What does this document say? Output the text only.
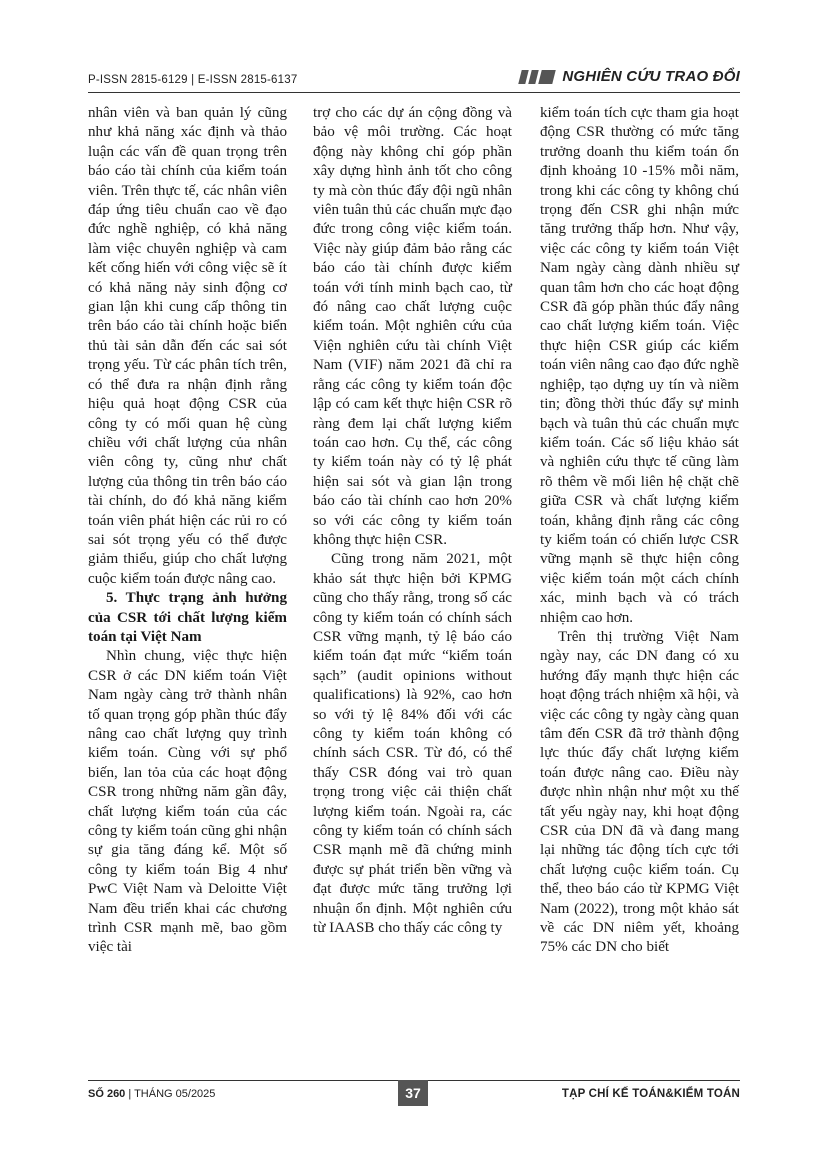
P-ISSN 2815-6129 | E-ISSN 2815-6137	NGHIÊN CỨU TRAO ĐỔI

nhân viên và ban quản lý cũng như khả năng xác định và thảo luận các vấn đề quan trọng trên báo cáo tài chính của kiểm toán viên. Trên thực tế, các nhân viên đáp ứng tiêu chuẩn cao về đạo đức nghề nghiệp, có khả năng làm việc chuyên nghiệp và cam kết cống hiến với công việc sẽ ít có khả năng nảy sinh động cơ gian lận khi cung cấp thông tin trên báo cáo tài chính hoặc biển thủ tài sản dẫn đến các sai sót trọng yếu. Từ các phân tích trên, có thể đưa ra nhận định rằng hiệu quả hoạt động CSR của công ty có mối quan hệ cùng chiều với chất lượng của nhân viên công ty, cũng như chất lượng của thông tin trên báo cáo tài chính, do đó khả năng kiểm toán viên phát hiện các rủi ro có sai sót trọng yếu có thể được giảm thiểu, giúp cho chất lượng cuộc kiểm toán được nâng cao.

5. Thực trạng ảnh hưởng của CSR tới chất lượng kiểm toán tại Việt Nam

Nhìn chung, việc thực hiện CSR ở các DN kiểm toán Việt Nam ngày càng trở thành nhân tố quan trọng góp phần thúc đẩy nâng cao chất lượng quy trình kiểm toán. Cùng với sự phổ biến, lan tỏa của các hoạt động CSR trong những năm gần đây, chất lượng kiểm toán của các công ty kiểm toán cũng ghi nhận sự gia tăng đáng kể. Một số công ty kiểm toán Big 4 như PwC Việt Nam và Deloitte Việt Nam đều triển khai các chương trình CSR mạnh mẽ, bao gồm việc tài

trợ cho các dự án cộng đồng và bảo vệ môi trường. Các hoạt động này không chỉ góp phần xây dựng hình ảnh tốt cho công ty mà còn thúc đẩy đội ngũ nhân viên tuân thủ các chuẩn mực đạo đức trong công việc kiểm toán. Việc này giúp đảm bảo rằng các báo cáo tài chính được kiểm toán với tính minh bạch cao, từ đó nâng cao chất lượng cuộc kiểm toán. Một nghiên cứu của Viện nghiên cứu tài chính Việt Nam (VIF) năm 2021 đã chỉ ra rằng các công ty kiểm toán độc lập có cam kết thực hiện CSR rõ ràng đem lại chất lượng kiểm toán cao hơn. Cụ thể, các công ty kiểm toán này có tỷ lệ phát hiện sai sót và gian lận trong báo cáo tài chính cao hơn 20% so với các công ty kiểm toán không thực hiện CSR.

Cũng trong năm 2021, một khảo sát thực hiện bởi KPMG cũng cho thấy rằng, trong số các công ty kiểm toán có chính sách CSR vững mạnh, tỷ lệ báo cáo kiểm toán đạt mức “kiểm toán sạch” (audit opinions without qualifications) là 92%, cao hơn so với tỷ lệ 84% đối với các công ty kiểm toán không có chính sách CSR. Từ đó, có thể thấy CSR đóng vai trò quan trọng trong việc cải thiện chất lượng kiểm toán. Ngoài ra, các công ty kiểm toán có chính sách CSR mạnh mẽ đã chứng minh được sự phát triển bền vững và đạt được mức tăng trưởng lợi nhuận ổn định. Một nghiên cứu từ IAASB cho thấy các công ty

kiểm toán tích cực tham gia hoạt động CSR thường có mức tăng trưởng doanh thu kiểm toán ổn định khoảng 10 -15% mỗi năm, trong khi các công ty không chú trọng đến CSR ghi nhận mức tăng trưởng thấp hơn. Như vậy, việc các công ty kiểm toán Việt Nam ngày càng dành nhiều sự quan tâm hơn cho các hoạt động CSR đã góp phần thúc đẩy nâng cao chất lượng kiểm toán. Việc thực hiện CSR giúp các kiểm toán viên nâng cao đạo đức nghề nghiệp, tạo dựng uy tín và niềm tin; đồng thời thúc đẩy sự minh bạch và tuân thủ các chuẩn mực kiểm toán. Các số liệu khảo sát và nghiên cứu thực tế cũng làm rõ thêm về mối liên hệ chặt chẽ giữa CSR và chất lượng kiểm toán, khẳng định rằng các công ty kiểm toán có chiến lược CSR vững mạnh sẽ thực hiện công việc kiểm toán một cách chính xác, minh bạch và có trách nhiệm cao hơn.

Trên thị trường Việt Nam ngày nay, các DN đang có xu hướng đẩy mạnh thực hiện các hoạt động trách nhiệm xã hội, và việc các công ty ngày càng quan tâm đến CSR đã trở thành động lực thúc đẩy chất lượng kiểm toán được nâng cao. Điều này được nhìn nhận như một xu thế tất yếu ngày nay, khi hoạt động CSR của DN đã và đang mang lại những tác động tích cực tới chất lượng cuộc kiểm toán. Cụ thể, theo báo cáo từ KPMG Việt Nam (2022), trong một khảo sát về các DN niêm yết, khoảng 75% các DN cho biết

SỐ 260 | THÁNG 05/2025	37	TẠP CHÍ KẾ TOÁN&KIỂM TOÁN
